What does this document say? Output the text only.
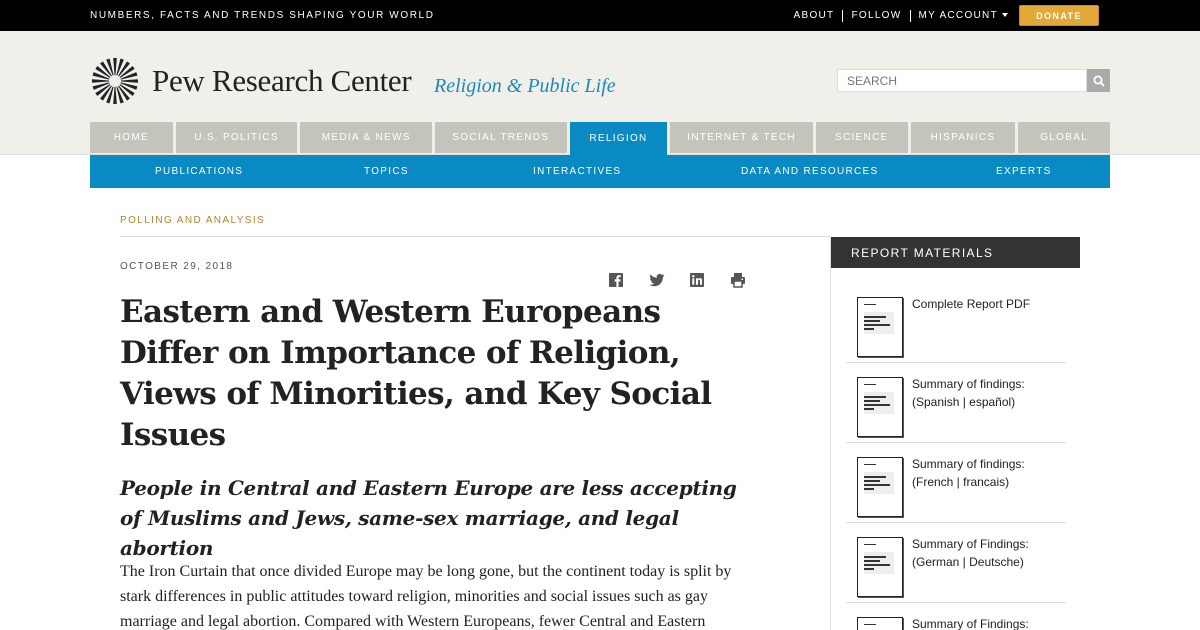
NUMBERS, FACTS AND TRENDS SHAPING YOUR WORLD	ABOUT	FOLLOW	MY ACCOUNT	DONATE
Pew Research Center Religion & Public Life
SEARCH
HOME	U.S. POLITICS	MEDIA & NEWS	SOCIAL TRENDS	RELIGION	INTERNET & TECH	SCIENCE	HISPANICS	GLOBAL
PUBLICATIONS	TOPICS	INTERACTIVES	DATA AND RESOURCES	EXPERTS
POLLING AND ANALYSIS
OCTOBER 29, 2018
Eastern and Western Europeans Differ on Importance of Religion, Views of Minorities, and Key Social Issues
People in Central and Eastern Europe are less accepting of Muslims and Jews, same-sex marriage, and legal abortion

The Iron Curtain that once divided Europe may be long gone, but the continent today is split by stark differences in public attitudes toward religion, minorities and social issues such as gay marriage and legal abortion. Compared with Western Europeans, fewer Central and Eastern

REPORT MATERIALS
Complete Report PDF
Summary of findings: (Spanish | español)
Summary of findings: (French | francais)
Summary of Findings: (German | Deutsche)
Summary of Findings:
